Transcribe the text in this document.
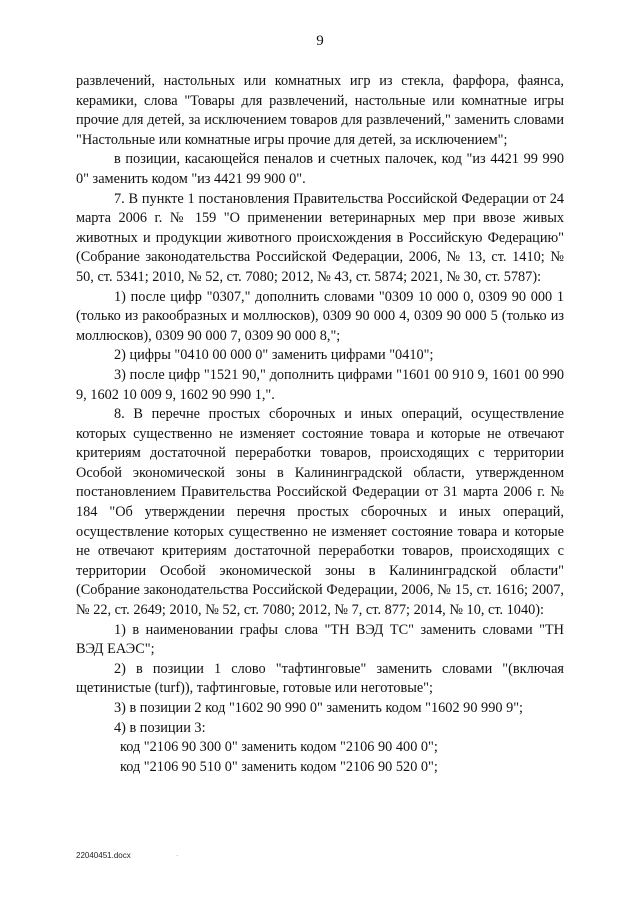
9

развлечений, настольных или комнатных игр из стекла, фарфора, фаянса, керамики, слова "Товары для развлечений, настольные или комнатные игры прочие для детей, за исключением товаров для развлечений," заменить словами "Настольные или комнатные игры прочие для детей, за исключением";

в позиции, касающейся пеналов и счетных палочек, код "из 4421 99 990 0" заменить кодом "из 4421 99 900 0".

7. В пункте 1 постановления Правительства Российской Федерации от 24 марта 2006 г. № 159 "О применении ветеринарных мер при ввозе живых животных и продукции животного происхождения в Российскую Федерацию" (Собрание законодательства Российской Федерации, 2006, № 13, ст. 1410; № 50, ст. 5341; 2010, № 52, ст. 7080; 2012, № 43, ст. 5874; 2021, № 30, ст. 5787):

1) после цифр "0307," дополнить словами "0309 10 000 0, 0309 90 000 1 (только из ракообразных и моллюсков), 0309 90 000 4, 0309 90 000 5 (только из моллюсков), 0309 90 000 7, 0309 90 000 8,";

2) цифры "0410 00 000 0" заменить цифрами "0410";

3) после цифр "1521 90," дополнить цифрами "1601 00 910 9, 1601 00 990 9, 1602 10 009 9, 1602 90 990 1,".

8. В перечне простых сборочных и иных операций, осуществление которых существенно не изменяет состояние товара и которые не отвечают критериям достаточной переработки товаров, происходящих с территории Особой экономической зоны в Калининградской области, утвержденном постановлением Правительства Российской Федерации от 31 марта 2006 г. № 184 "Об утверждении перечня простых сборочных и иных операций, осуществление которых существенно не изменяет состояние товара и которые не отвечают критериям достаточной переработки товаров, происходящих с территории Особой экономической зоны в Калининградской области" (Собрание законодательства Российской Федерации, 2006, № 15, ст. 1616; 2007, № 22, ст. 2649; 2010, № 52, ст. 7080; 2012, № 7, ст. 877; 2014, № 10, ст. 1040):

1) в наименовании графы слова "ТН ВЭД ТС" заменить словами "ТН ВЭД ЕАЭС";

2) в позиции 1 слово "тафтинговые" заменить словами "(включая щетинистые (turf)), тафтинговые, готовые или неготовые";

3) в позиции 2 код "1602 90 990 0" заменить кодом "1602 90 990 9";

4) в позиции 3:

код "2106 90 300 0" заменить кодом "2106 90 400 0";

код "2106 90 510 0" заменить кодом "2106 90 520 0";

22040451.docx	·
